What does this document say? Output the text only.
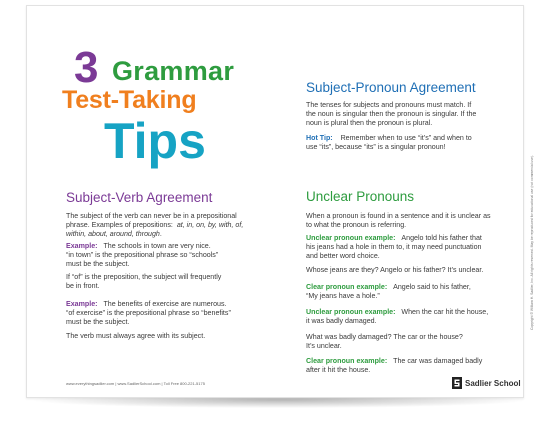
3 Grammar
Test-Taking
Tips
Subject-Verb Agreement
The subject of the verb can never be in a prepositional
phrase. Examples of prepositions: at, in, on, by, with, of,
within, about, around, through.
Example: The schools in town are very nice.
“in town” is the prepositional phrase so “schools”
must be the subject.
If “of” is the preposition, the subject will frequently
be in front.
Example: The benefits of exercise are numerous.
“of exercise” is the prepositional phrase so “benefits”
must be the subject.
The verb must always agree with its subject.
Subject-Pronoun Agreement
The tenses for subjects and pronouns must match. If
the noun is singular then the pronoun is singular. If the
noun is plural then the pronoun is plural.
Hot Tip: Remember when to use “it’s” and when to
use “its”, because “its” is a singular pronoun!
Unclear Pronouns
When a pronoun is found in a sentence and it is unclear as
to what the pronoun is referring.
Unclear pronoun example: Angelo told his father that
his jeans had a hole in them to, it may need punctuation
and better word choice.
Whose jeans are they? Angelo or his father? It’s unclear.
Clear pronoun example: Angelo said to his father,
“My jeans have a hole.”
Unclear pronoun example: When the car hit the house,
it was badly damaged.
What was badly damaged? The car or the house?
It’s unclear.
Clear pronoun example: The car was damaged badly
after it hit the house.
www.everythingsadlier.com | www.SadlierSchool.com | Toll Free 800-221-5175	Sadlier School
Copyright © William H. Sadlier, Inc. All rights reserved. May be reproduced for educational use (not commercial use).
